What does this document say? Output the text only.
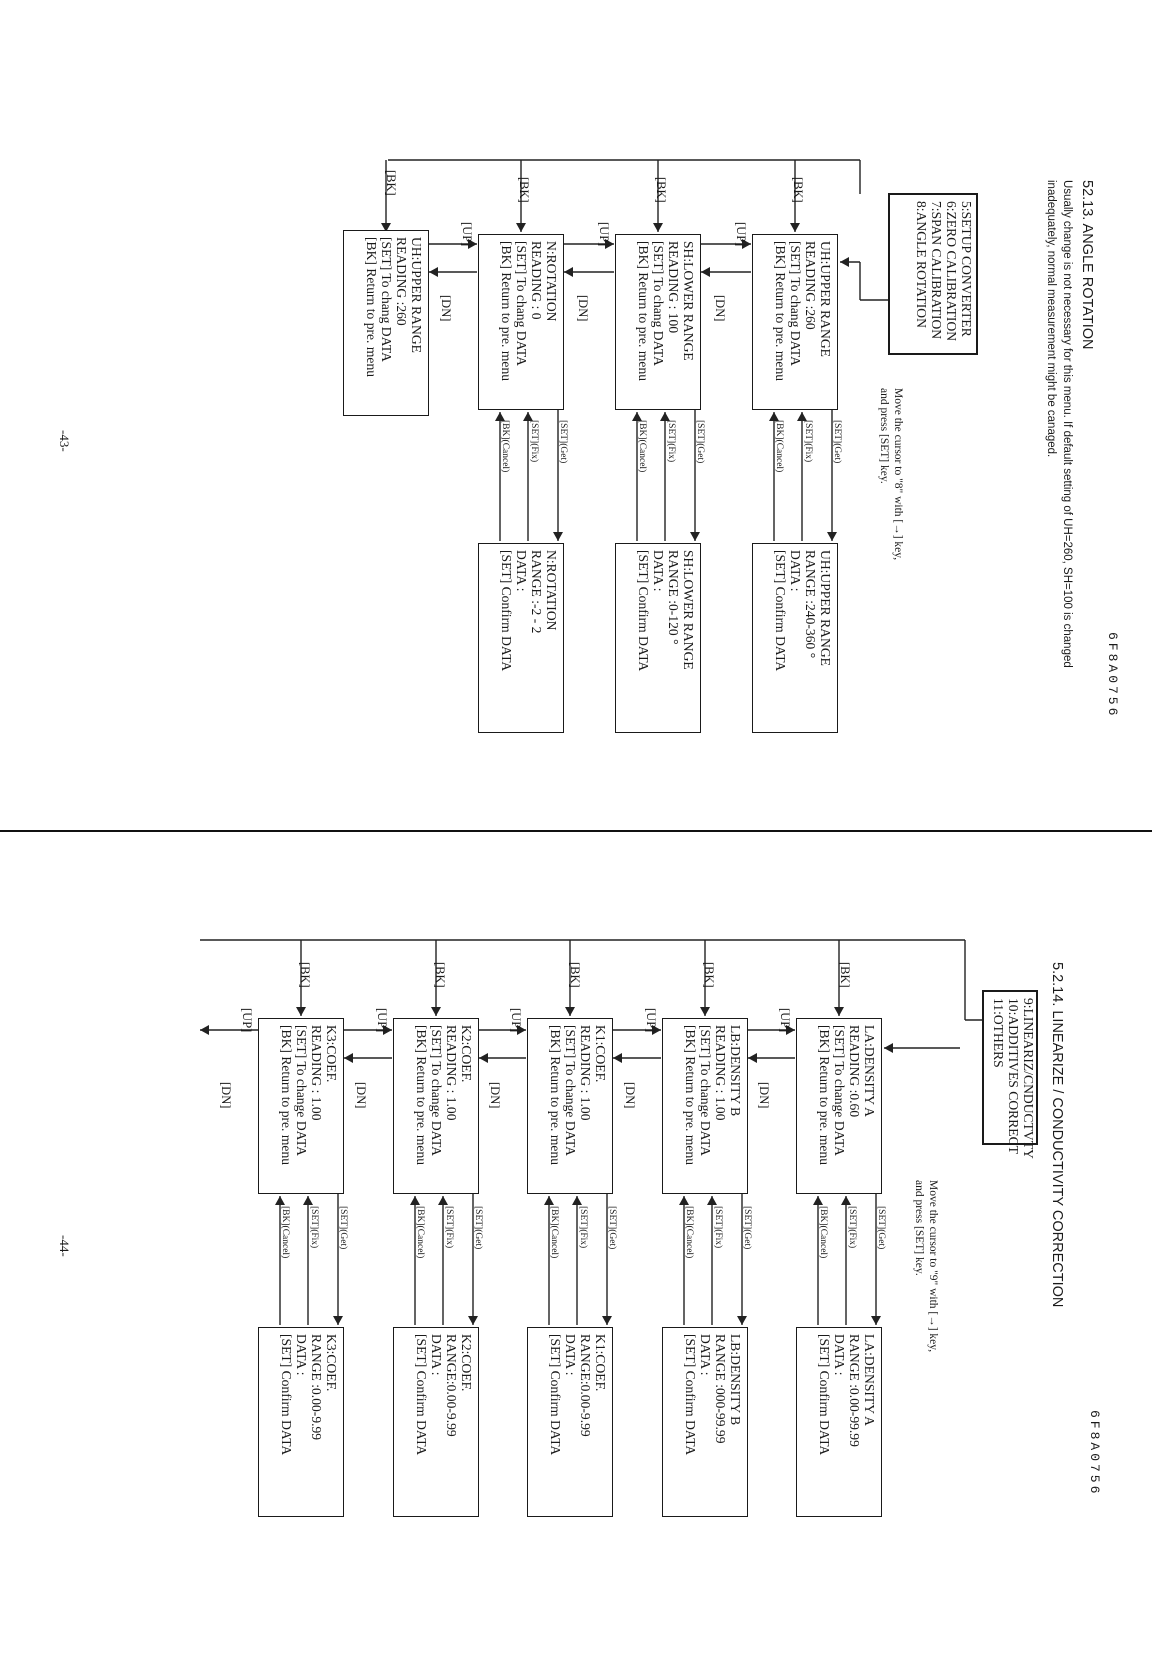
52.13. ANGLE ROTATION
Usually change is not necessary for this menu. If default setting of UH=260, SH=100 is changed
inadequately, normal measurement might be canaged.
6F8A0756
5:SETUP CONVERTER
6:ZERO CALIBRATION
7:SPAN CALIBRATION
8:ANGLE ROTATION
Move the cursor to "8" with [→] key,
and press [SET] key.
UH:UPPER RANGE
READING :260
[SET] To chang DATA
[BK] Return to pre. menu
UH:UPPER RANGE
RANGE :240-360 °
DATA :
[SET] Confirm DATA
SH:LOWER RANGE
READING : 100
[SET] To chang DATA
[BK] Return to pre. menu
SH:LOWER RANGE
RANGE :0-120 °
DATA :
[SET] Confirm DATA
N:ROTATION
READING : 0
[SET] To chang DATA
[BK] Return to pre. menu
N:ROTATION
RANGE :-2 - 2
DATA :
[SET] Confirm DATA
UH:UPPER RANGE
READING :260
[SET] To chang DATA
[BK] Return to pre. menu
[BK]
[BK]
[BK]
[BK]
[UP]
[DN]
[UP]
[DN]
[UP]
[DN]
[SET](Get)
[SET](Fix)
[BK](Cancel)
[SET](Get)
[SET](Fix)
[BK](Cancel)
[SET](Get)
[SET](Fix)
[BK](Cancel)
-43-
5.2.14. LINEARIZE / CONDUCTIVITY CORRECTION
6F8A0756
9:LINEARIZ/CNDUCTVTY
10:ADDITIVES CORRECT
11:OTHERS
Move the cursor to "9" with [→] key,
and press [SET] key.
LA:DENSITY A
READING :0.60
[SET] To change DATA
[BK] Return to pre. menu
LA:DENSITY A
RANGE :0.00-99.99
DATA :
[SET] Confirm DATA
LB:DENSITY B
READING : 1.00
[SET] To change DATA
[BK] Return to pre. menu
LB:DENSITY B
RANGE :000-99.99
DATA :
[SET] Confirm DATA
K1:COEF.
READING : 1.00
[SET] To change DATA
[BK] Return to pre. menu
K1:COEF.
RANGE:0.00-9.99
DATA :
[SET] Confirm DATA
K2:COEF.
READING : 1.00
[SET] To change DATA
[BK] Return to pre. menu
K2:COEF.
RANGE:0.00-9.99
DATA :
[SET] Confirm DATA
K3:COEF.
READING : 1.00
[SET] To change DATA
[BK] Return to pre. menu
K3:COEF.
RANGE :0.00-9.99
DATA :
[SET] Confirm DATA
[BK]
[BK]
[BK]
[BK]
[BK]
[UP]
[DN]
[UP]
[DN]
[UP]
[DN]
[UP]
[DN]
[UP]
[DN]
[SET](Get)
[SET](Fix)
[BK](Cancel)
[SET](Get)
[SET](Fix)
[BK](Cancel)
[SET](Get)
[SET](Fix)
[BK](Cancel)
[SET](Get)
[SET](Fix)
[BK](Cancel)
[SET](Get)
[SET](Fix)
[BK](Cancel)
-44-
